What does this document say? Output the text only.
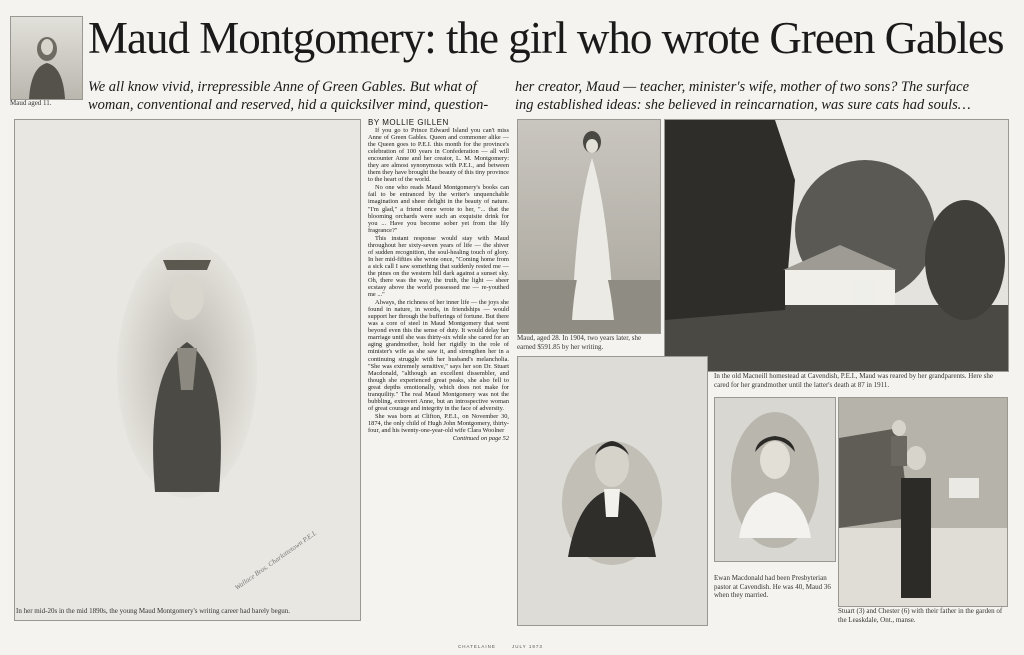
Maud aged 11.
Maud Montgomery: the girl who wrote Green Gables
We all know vivid, irrepressible Anne of Green Gables. But what of
woman, conventional and reserved, hid a quicksilver mind, question-
her creator, Maud — teacher, minister's wife, mother of two sons? The surface
ing established ideas: she believed in reincarnation, was sure cats had souls…
Wallace Bros. Charlottetown P.E.I.
In her mid-20s in the mid 1890s, the young Maud Montgomery's writing career had barely begun.
BY MOLLIE GILLEN

If you go to Prince Edward Island you can't miss Anne of Green Gables. Queen and commoner alike — the Queen goes to P.E.I. this month for the province's celebration of 100 years in Confederation — all will encounter Anne and her creator, L. M. Montgomery: they are almost synonymous with P.E.I., and between them they have brought the beauty of this tiny province to the heart of the world.

No one who reads Maud Montgomery's books can fail to be entranced by the writer's unquenchable imagination and sheer delight in the beauty of nature. "I'm glad," a friend once wrote to her, "... that the blooming orchards were such an exquisite drink for you ... Have you become sober yet from the lily fragrance?"

This instant response would stay with Maud throughout her sixty-seven years of life — the shiver of sudden recognition, the soul-healing touch of glory. In her mid-fifties she wrote once, "Coming home from a sick call I saw something that suddenly rested me — the pines on the western hill dark against a sunset sky. Oh, there was the way, the truth, the light — sheer ecstasy above the world possessed me — re-youthed me ..."

Always, the richness of her inner life — the joys she found in nature, in words, in friendships — would support her through the bufferings of fortune. But there was a core of steel in Maud Montgomery that went beyond even this the sense of duty. It would delay her marriage until she was thirty-six while she cared for an aging grandmother, hold her rigidly in the role of minister's wife as she saw it, and strengthen her in a continuing struggle with her husband's melancholia. "She was extremely sensitive," says her son Dr. Stuart Macdonald, "although an excellent dissembler, and though she experienced great peaks, she also fell to great depths emotionally, which does not make for tranquility." The real Maud Montgomery was not the bubbling, extrovert Anne, but an introspective woman of great courage and integrity in the face of adversity.

She was born at Clifton, P.E.I., on November 30, 1874, the only child of Hugh John Montgomery, thirty-four, and his twenty-one-year-old wife Clara Woolner

Continued on page 52
Maud, aged 28. In 1904, two years later, she earned $591.85 by her writing.
In the old Macneill homestead at Cavendish, P.E.I., Maud was reared by her grandparents. Here she cared for her grandmother until the latter's death at 87 in 1911.
Ewan Macdonald had been Presbyterian pastor at Cavendish. He was 40, Maud 36 when they married.
Stuart (3) and Chester (6) with their father in the garden of the Leaskdale, Ont., manse.
CHATELAINE	JULY 1973
